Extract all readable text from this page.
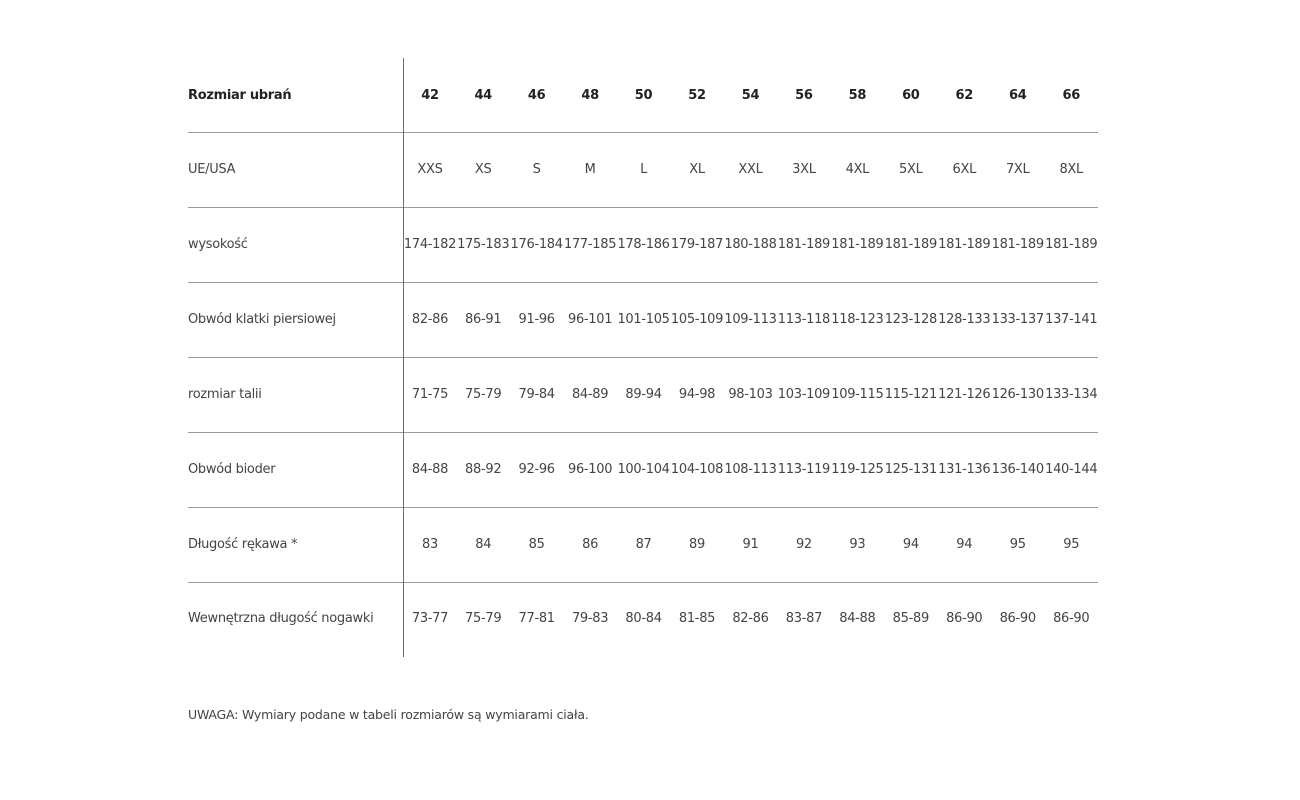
Rozmiar ubrań	42	44	46	48	50	52	54	56	58	60	62	64	66
UE/USA	XXS	XS	S	M	L	XL	XXL	3XL	4XL	5XL	6XL	7XL	8XL
wysokość	174-182	175-183	176-184	177-185	178-186	179-187	180-188	181-189	181-189	181-189	181-189	181-189	181-189
Obwód klatki piersiowej	82-86	86-91	91-96	96-101	101-105	105-109	109-113	113-118	118-123	123-128	128-133	133-137	137-141
rozmiar talii	71-75	75-79	79-84	84-89	89-94	94-98	98-103	103-109	109-115	115-121	121-126	126-130	133-134
Obwód bioder	84-88	88-92	92-96	96-100	100-104	104-108	108-113	113-119	119-125	125-131	131-136	136-140	140-144
Długość rękawa *	83	84	85	86	87	89	91	92	93	94	94	95	95
Wewnętrzna długość nogawki	73-77	75-79	77-81	79-83	80-84	81-85	82-86	83-87	84-88	85-89	86-90	86-90	86-90
UWAGA: Wymiary podane w tabeli rozmiarów są wymiarami ciała.
